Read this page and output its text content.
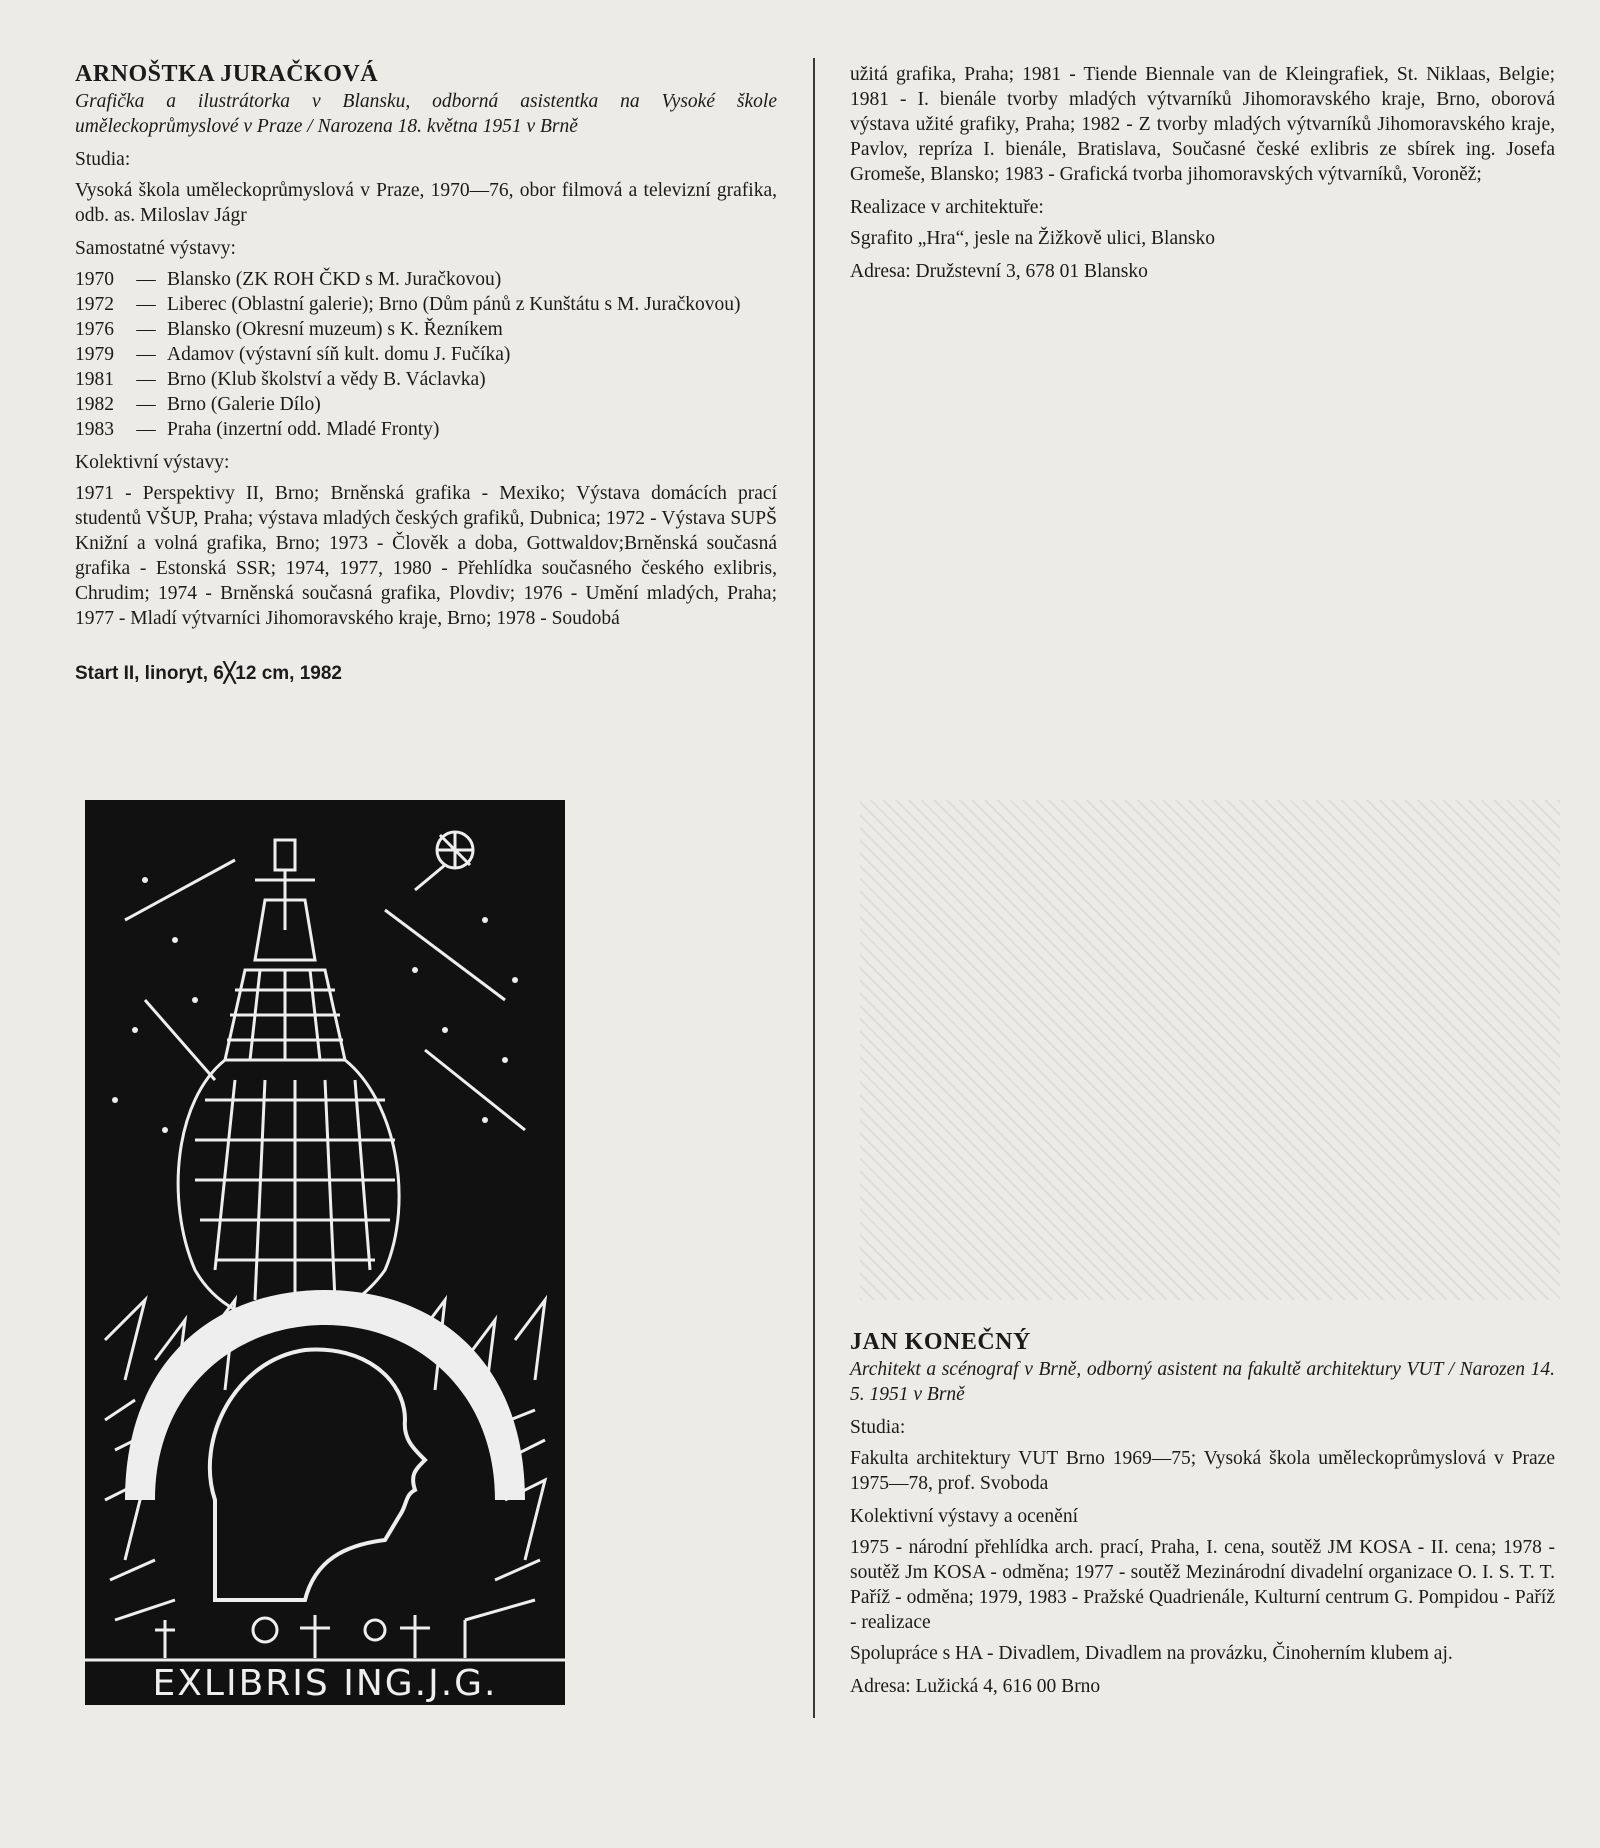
ARNOŠTKA JURAČKOVÁ
Grafička a ilustrátorka v Blansku, odborná asistentka na Vysoké škole uměleckoprůmyslové v Praze / Narozena 18. května 1951 v Brně
Studia:
Vysoká škola uměleckoprůmyslová v Praze, 1970—76, obor filmová a televizní grafika, odb. as. Miloslav Jágr
Samostatné výstavy:
1970	— Blansko (ZK ROH ČKD s M. Juračkovou)
1972	— Liberec (Oblastní galerie); Brno (Dům pánů z Kunštátu s M. Juračkovou)
1976	— Blansko (Okresní muzeum) s K. Řezníkem
1979	— Adamov (výstavní síň kult. domu J. Fučíka)
1981	— Brno (Klub školství a vědy B. Václavka)
1982	— Brno (Galerie Dílo)
1983	— Praha (inzertní odd. Mladé Fronty)
Kolektivní výstavy:
1971 - Perspektivy II, Brno; Brněnská grafika - Mexiko; Výstava domácích prací studentů VŠUP, Praha; výstava mladých českých grafiků, Dubnica; 1972 - Výstava SUPŠ Knižní a volná grafika, Brno; 1973 - Člověk a doba, Gottwaldov;Brněnská současná grafika - Estonská SSR; 1974, 1977, 1980 - Přehlídka současného českého exlibris, Chrudim; 1974 - Brněnská současná grafika, Plovdiv; 1976 - Umění mladých, Praha; 1977 - Mladí výtvarníci Jihomoravského kraje, Brno; 1978 - Soudobá
Start II, linoryt, 6╳12 cm, 1982
EXLIBRIS ING.J.G.
užitá grafika, Praha; 1981 - Tiende Biennale van de Kleingrafiek, St. Niklaas, Belgie; 1981 - I. bienále tvorby mladých výtvarníků Jihomoravského kraje, Brno, oborová výstava užité grafiky, Praha; 1982 - Z tvorby mladých výtvarníků Jihomoravského kraje, Pavlov, repríza I. bienále, Bratislava, Současné české exlibris ze sbírek ing. Josefa Gromeše, Blansko; 1983 - Grafická tvorba jihomoravských výtvarníků, Voroněž;
Realizace v architektuře:
Sgrafito „Hra“, jesle na Žižkově ulici, Blansko
Adresa: Družstevní 3, 678 01 Blansko
JAN KONEČNÝ
Architekt a scénograf v Brně, odborný asistent na fakultě architektury VUT / Narozen 14. 5. 1951 v Brně
Studia:
Fakulta architektury VUT Brno 1969—75; Vysoká škola uměleckoprůmyslová v Praze 1975—78, prof. Svoboda
Kolektivní výstavy a ocenění
1975 - národní přehlídka arch. prací, Praha, I. cena, soutěž JM KOSA - II. cena; 1978 - soutěž Jm KOSA - odměna; 1977 - soutěž Mezinárodní divadelní organizace O. I. S. T. T. Paříž - odměna; 1979, 1983 - Pražské Quadrienále, Kulturní centrum G. Pompidou - Paříž - realizace
Spolupráce s HA - Divadlem, Divadlem na provázku, Činoherním klubem aj.
Adresa: Lužická 4, 616 00 Brno
